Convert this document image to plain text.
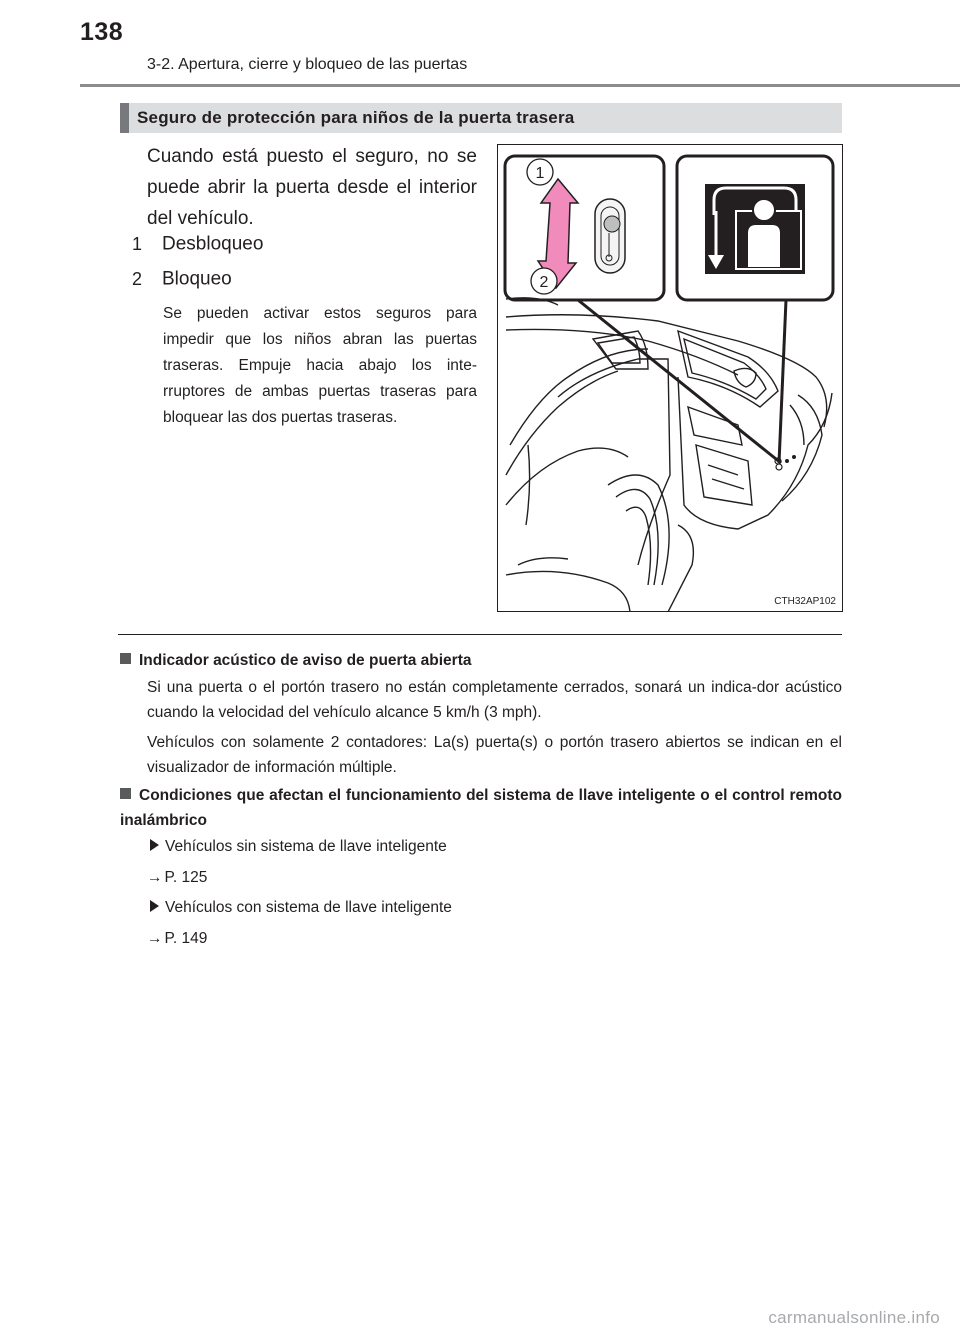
138
3-2. Apertura, cierre y bloqueo de las puertas
Seguro de protección para niños de la puerta trasera
Cuando está puesto el seguro, no se puede abrir la puerta desde el interior del vehículo.
1 Desbloqueo
2 Bloqueo
Se pueden activar estos seguros para impedir que los niños abran las puertas traseras. Empuje hacia abajo los inte-rruptores de ambas puertas traseras para bloquear las dos puertas traseras.
1
2
CTH32AP102
Indicador acústico de aviso de puerta abierta
Si una puerta o el portón trasero no están completamente cerrados, sonará un indica-dor acústico cuando la velocidad del vehículo alcance 5 km/h (3 mph).
Vehículos con solamente 2 contadores: La(s) puerta(s) o portón trasero abiertos se indican en el visualizador de información múltiple.
Condiciones que afectan el funcionamiento del sistema de llave inteligente o el control remoto inalámbrico
Vehículos sin sistema de llave inteligente
→ P. 125
Vehículos con sistema de llave inteligente
→ P. 149
carmanualsonline.info
